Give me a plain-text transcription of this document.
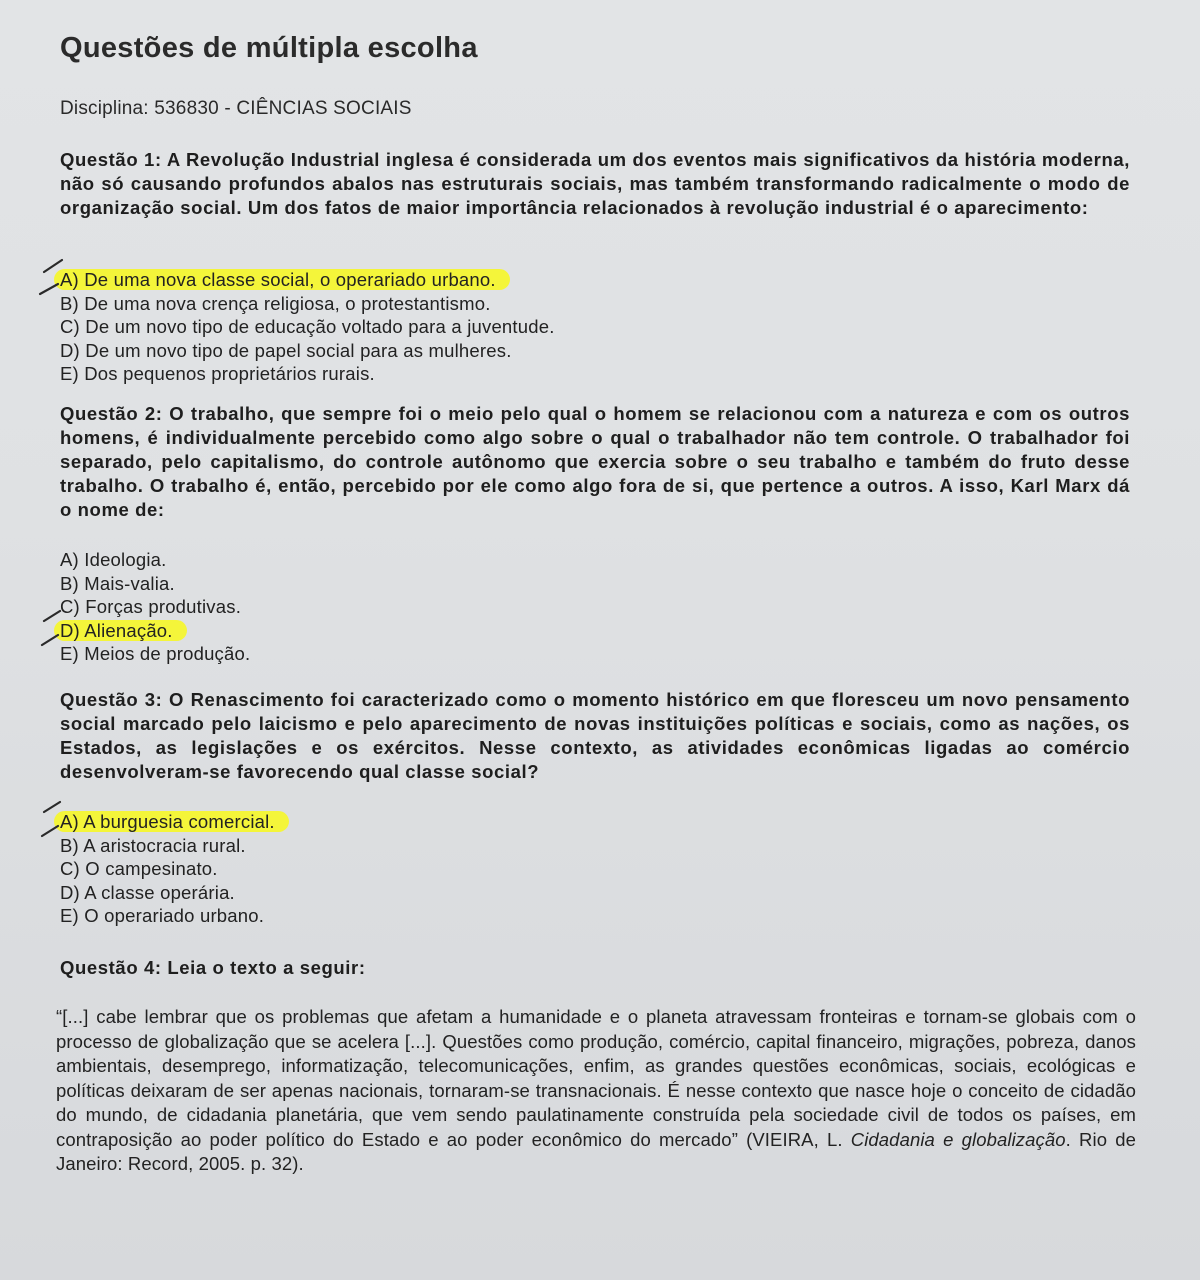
Questões de múltipla escolha
Disciplina: 536830 - CIÊNCIAS SOCIAIS
Questão 1: A Revolução Industrial inglesa é considerada um dos eventos mais significativos da história moderna, não só causando profundos abalos nas estruturais sociais, mas também transformando radicalmente o modo de organização social. Um dos fatos de maior importância relacionados à revolução industrial é o aparecimento:
A) De uma nova classe social, o operariado urbano.
B) De uma nova crença religiosa, o protestantismo.
C) De um novo tipo de educação voltado para a juventude.
D) De um novo tipo de papel social para as mulheres.
E) Dos pequenos proprietários rurais.
Questão 2: O trabalho, que sempre foi o meio pelo qual o homem se relacionou com a natureza e com os outros homens, é individualmente percebido como algo sobre o qual o trabalhador não tem controle. O trabalhador foi separado, pelo capitalismo, do controle autônomo que exercia sobre o seu trabalho e também do fruto desse trabalho. O trabalho é, então, percebido por ele como algo fora de si, que pertence a outros. A isso, Karl Marx dá o nome de:
A) Ideologia.
B) Mais-valia.
C) Forças produtivas.
D) Alienação.
E) Meios de produção.
Questão 3: O Renascimento foi caracterizado como o momento histórico em que floresceu um novo pensamento social marcado pelo laicismo e pelo aparecimento de novas instituições políticas e sociais, como as nações, os Estados, as legislações e os exércitos. Nesse contexto, as atividades econômicas ligadas ao comércio desenvolveram-se favorecendo qual classe social?
A) A burguesia comercial.
B) A aristocracia rural.
C) O campesinato.
D) A classe operária.
E) O operariado urbano.
Questão 4: Leia o texto a seguir:
“[...] cabe lembrar que os problemas que afetam a humanidade e o planeta atravessam fronteiras e tornam-se globais com o processo de globalização que se acelera [...]. Questões como produção, comércio, capital financeiro, migrações, pobreza, danos ambientais, desemprego, informatização, telecomunicações, enfim, as grandes questões econômicas, sociais, ecológicas e políticas deixaram de ser apenas nacionais, tornaram-se transnacionais. É nesse contexto que nasce hoje o conceito de cidadão do mundo, de cidadania planetária, que vem sendo paulatinamente construída pela sociedade civil de todos os países, em contraposição ao poder político do Estado e ao poder econômico do mercado” (VIEIRA, L. Cidadania e globalização. Rio de Janeiro: Record, 2005. p. 32).
